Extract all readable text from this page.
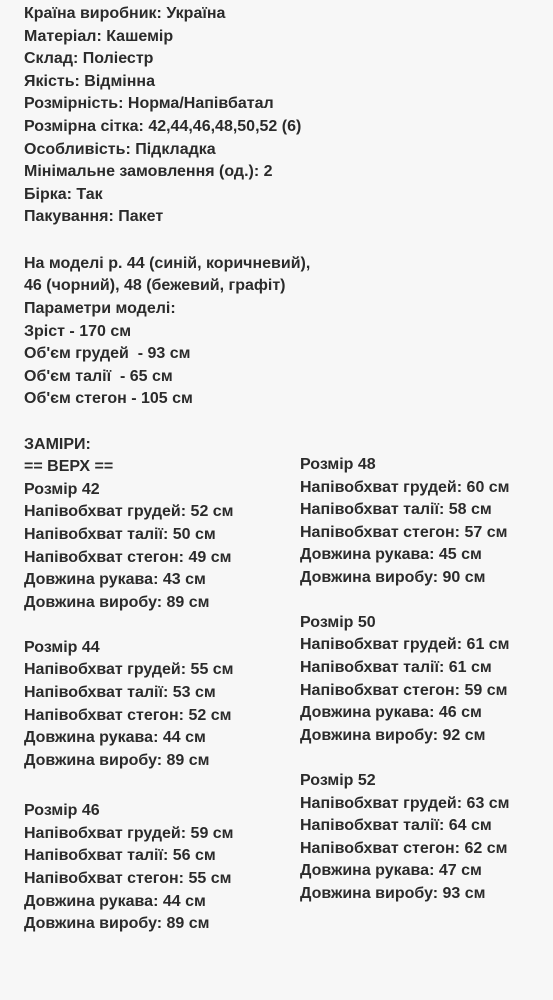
Країна виробник: Україна
Матеріал: Кашемір
Склад: Поліестр
Якість: Відмінна
Розмірність: Норма/Напівбатал
Розмірна сітка: 42,44,46,48,50,52 (6)
Особливість: Підкладка
Мінімальне замовлення (од.): 2
Бірка: Так
Пакування: Пакет
На моделі р. 44 (синій, коричневий),
46 (чорний), 48 (бежевий, графіт)
Параметри моделі:
Зріст - 170 см
Об'єм грудей  - 93 см
Об'єм талії  - 65 см
Об'єм стегон - 105 см
ЗАМІРИ:
== ВЕРХ ==
Розмір 42
Напівобхват грудей: 52 см
Напівобхват талії: 50 см
Напівобхват стегон: 49 см
Довжина рукава: 43 см
Довжина виробу: 89 см
Розмір 44
Напівобхват грудей: 55 см
Напівобхват талії: 53 см
Напівобхват стегон: 52 см
Довжина рукава: 44 см
Довжина виробу: 89 см
Розмір 46
Напівобхват грудей: 59 см
Напівобхват талії: 56 см
Напівобхват стегон: 55 см
Довжина рукава: 44 см
Довжина виробу: 89 см
Розмір 48
Напівобхват грудей: 60 см
Напівобхват талії: 58 см
Напівобхват стегон: 57 см
Довжина рукава: 45 см
Довжина виробу: 90 см
Розмір 50
Напівобхват грудей: 61 см
Напівобхват талії: 61 см
Напівобхват стегон: 59 см
Довжина рукава: 46 см
Довжина виробу: 92 см
Розмір 52
Напівобхват грудей: 63 см
Напівобхват талії: 64 см
Напівобхват стегон: 62 см
Довжина рукава: 47 см
Довжина виробу: 93 см
